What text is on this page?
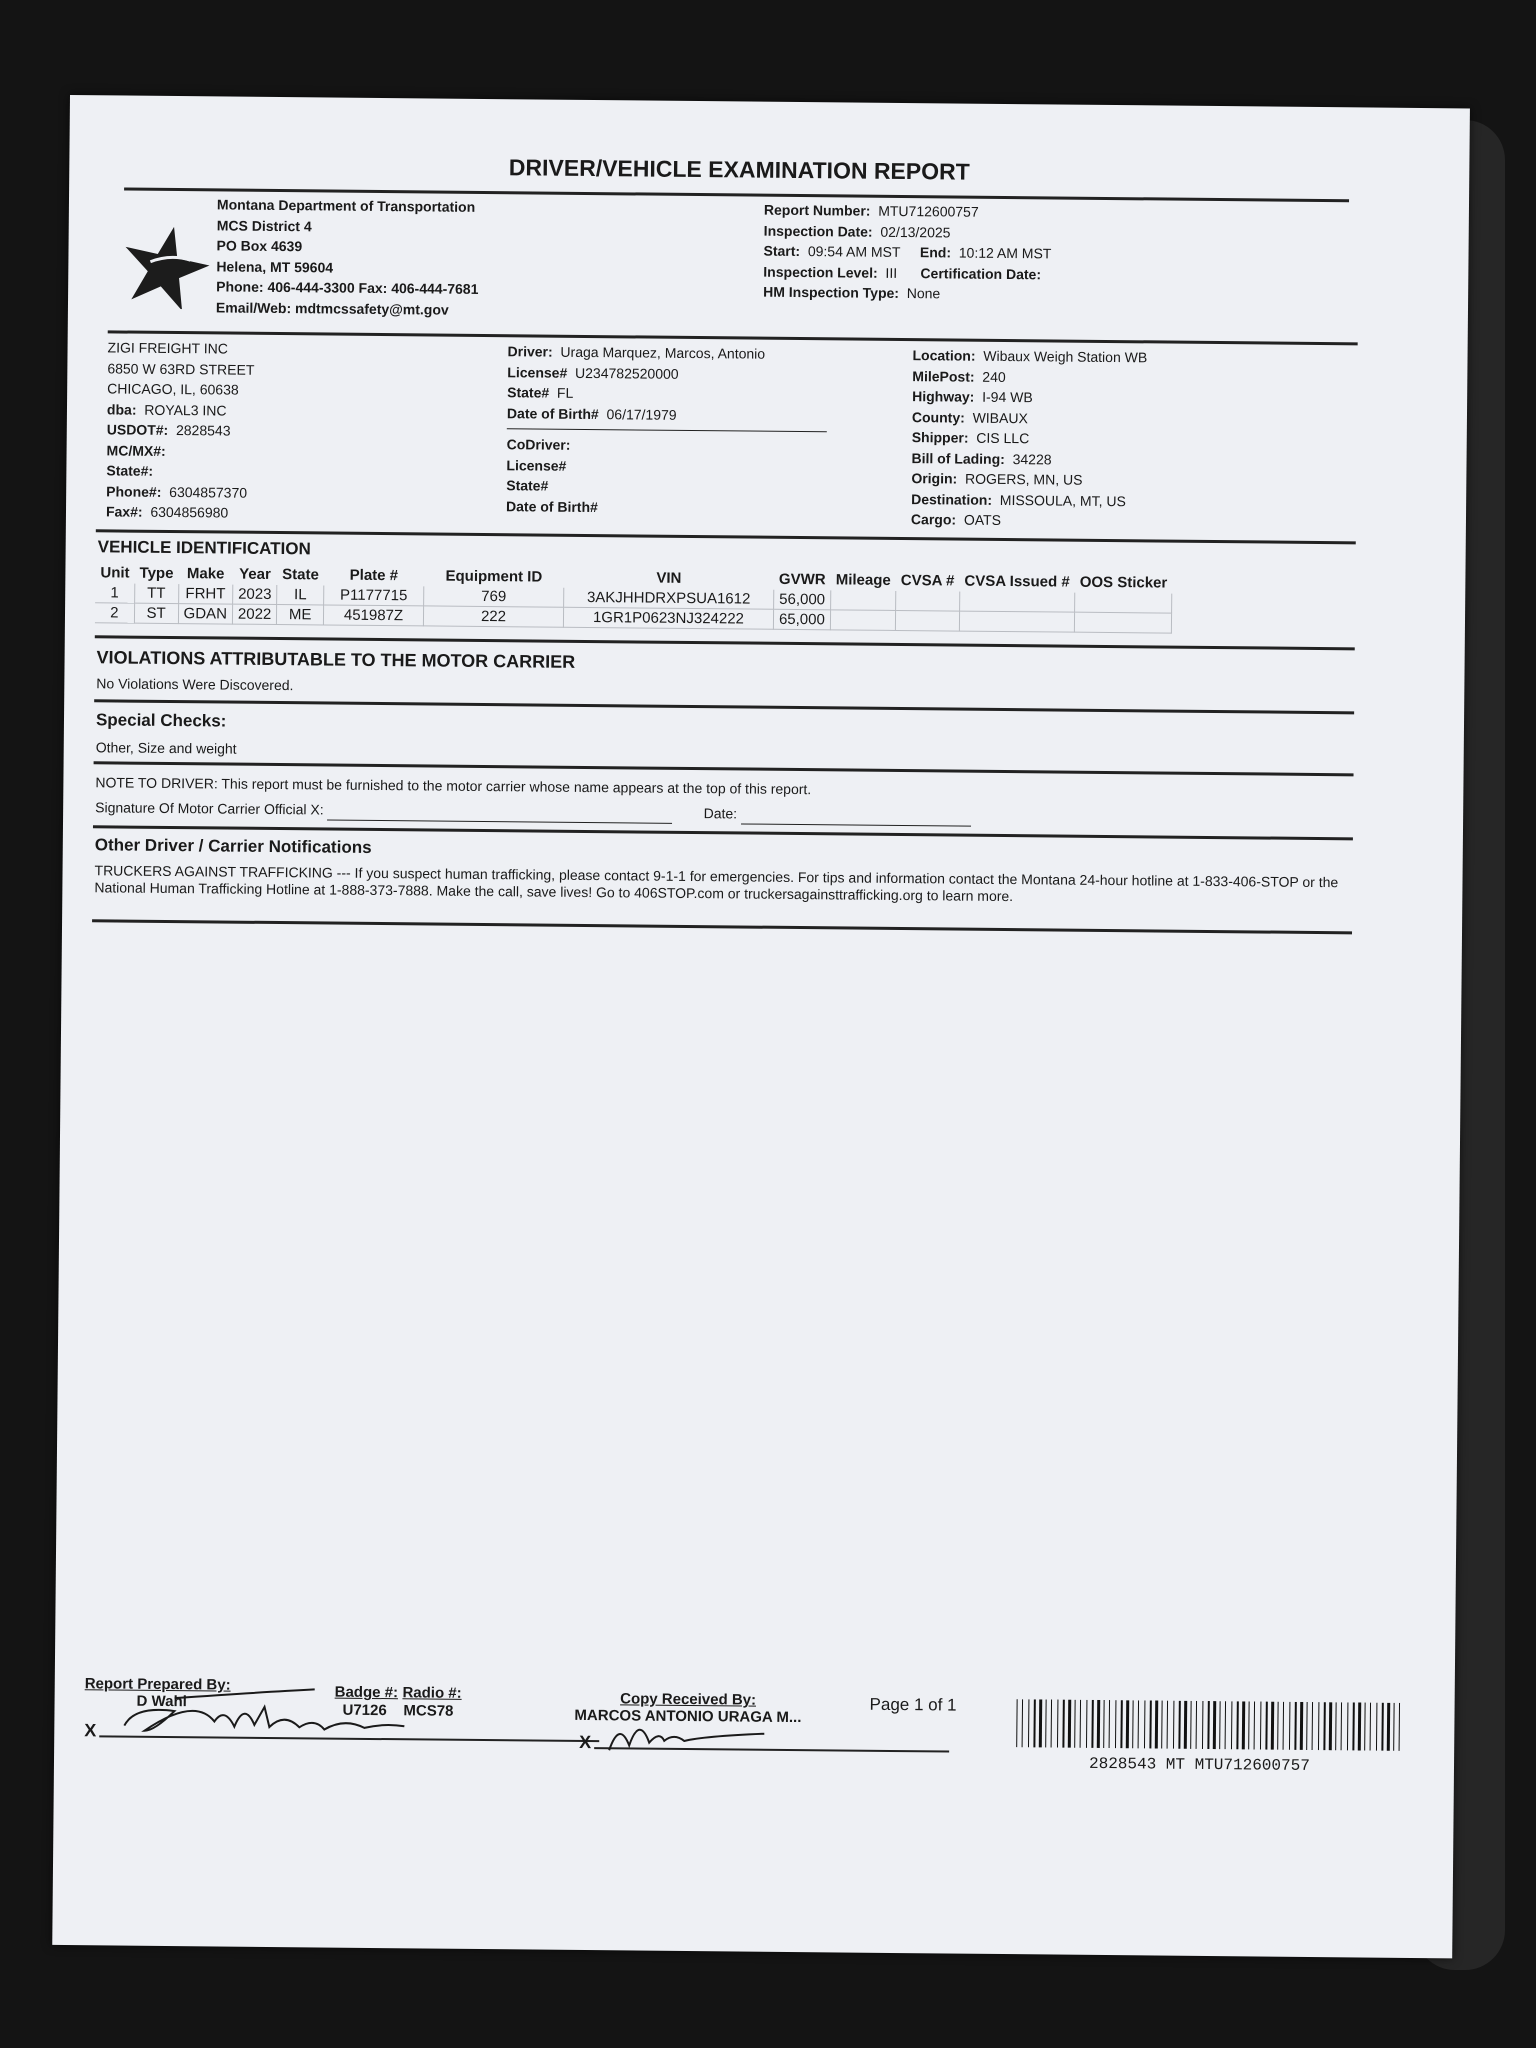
DRIVER/VEHICLE EXAMINATION REPORT
Montana Department of Transportation
MCS District 4
PO Box 4639
Helena, MT 59604
Phone: 406-444-3300 Fax: 406-444-7681
Email/Web: mdtmcssafety@mt.gov
Report Number: MTU712600757
Inspection Date: 02/13/2025
Start: 09:54 AM MST End: 10:12 AM MST
Inspection Level: III Certification Date:
HM Inspection Type: None
ZIGI FREIGHT INC
6850 W 63RD STREET
CHICAGO, IL, 60638
dba: ROYAL3 INC
USDOT#: 2828543
MC/MX#:
State#:
Phone#: 6304857370
Fax#: 6304856980
Driver: Uraga Marquez, Marcos, Antonio
License# U234782520000
State# FL
Date of Birth# 06/17/1979
CoDriver:
License#
State#
Date of Birth#
Location: Wibaux Weigh Station WB
MilePost: 240
Highway: I-94 WB
County: WIBAUX
Shipper: CIS LLC
Bill of Lading: 34228
Origin: ROGERS, MN, US
Destination: MISSOULA, MT, US
Cargo: OATS
VEHICLE IDENTIFICATION
Unit	Type	Make	Year	State	Plate #	Equipment ID	VIN	GVWR	Mileage	CVSA #	CVSA Issued #	OOS Sticker
1	TT	FRHT	2023	IL	P1177715	769	3AKJHHDRXPSUA1612	56,000				
2	ST	GDAN	2022	ME	451987Z	222	1GR1P0623NJ324222	65,000				
VIOLATIONS ATTRIBUTABLE TO THE MOTOR CARRIER
No Violations Were Discovered.
Special Checks:
Other, Size and weight
NOTE TO DRIVER: This report must be furnished to the motor carrier whose name appears at the top of this report.
Signature Of Motor Carrier Official X:	Date:
Other Driver / Carrier Notifications
TRUCKERS AGAINST TRAFFICKING --- If you suspect human trafficking, please contact 9-1-1 for emergencies. For tips and information contact the Montana 24-hour hotline at 1-833-406-STOP or the National Human Trafficking Hotline at 1-888-373-7888. Make the call, save lives! Go to 406STOP.com or truckersagainsttrafficking.org to learn more.
Report Prepared By:
D Wahl
Badge #: Radio #:
U7126 MCS78
X
Copy Received By:
MARCOS ANTONIO URAGA M...
X
Page 1 of 1
2828543 MT MTU712600757
